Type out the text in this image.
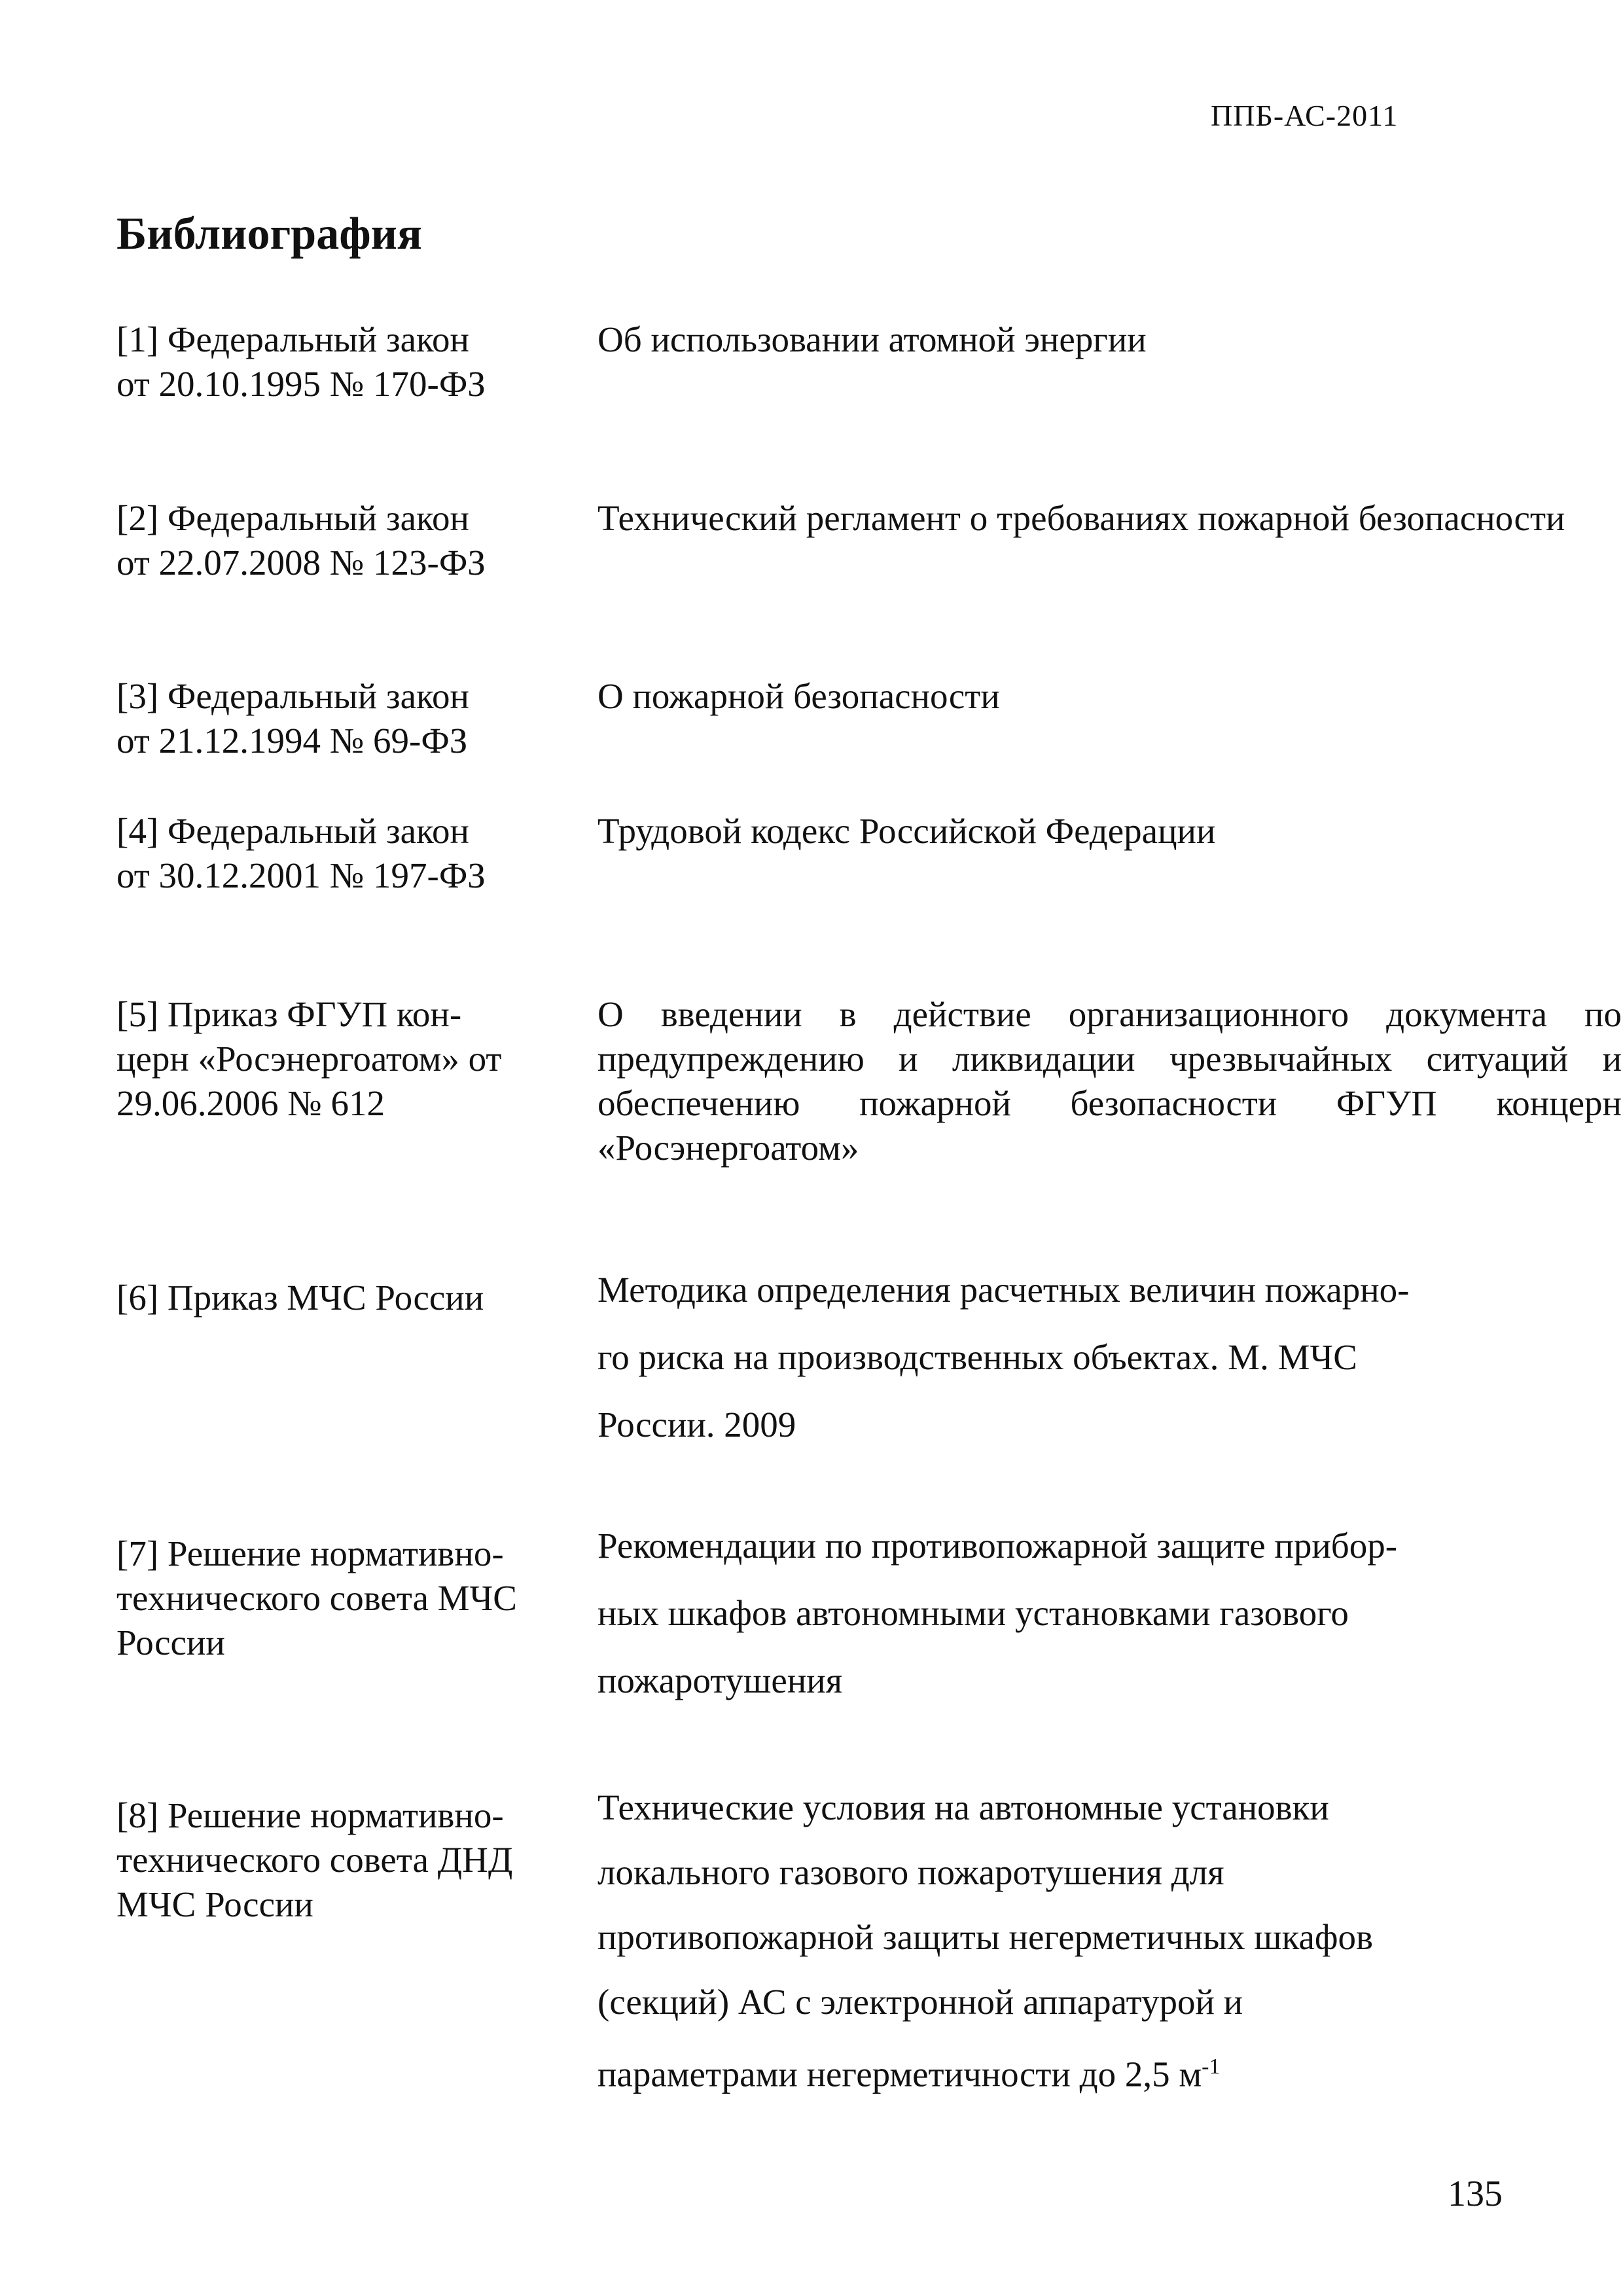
ППБ-АС-2011
Библиография
[1] Федеральный закон
от 20.10.1995 № 170-ФЗ
Об использовании атомной энергии
[2] Федеральный закон
от 22.07.2008 № 123-ФЗ
Технический регламент о требованиях пожарной безопасности
[3] Федеральный закон
от 21.12.1994 № 69-ФЗ
О пожарной безопасности
[4] Федеральный закон
от 30.12.2001 № 197-ФЗ
Трудовой кодекс Российской Федерации
[5] Приказ ФГУП кон-
церн «Росэнергоатом» от
29.06.2006 № 612
О введении в действие организационного документа по предупреждению и ликвидации чрезвычайных ситуаций и обеспечению пожарной безопасности ФГУП концерн «Росэнергоатом»
[6] Приказ МЧС России	Методика определения расчетных величин пожарно-
го риска на производственных объектах. М. МЧС
России. 2009
[7] Решение нормативно-
технического совета МЧС
России
Рекомендации по противопожарной защите прибор-
ных шкафов автономными установками газового
пожаротушения
[8] Решение нормативно-
технического совета ДНД
МЧС России
Технические условия на автономные установки
локального газового пожаротушения для
противопожарной защиты негерметичных шкафов
(секций) АС с электронной аппаратурой и
параметрами негерметичности до 2,5 $м^{-1}$
135
